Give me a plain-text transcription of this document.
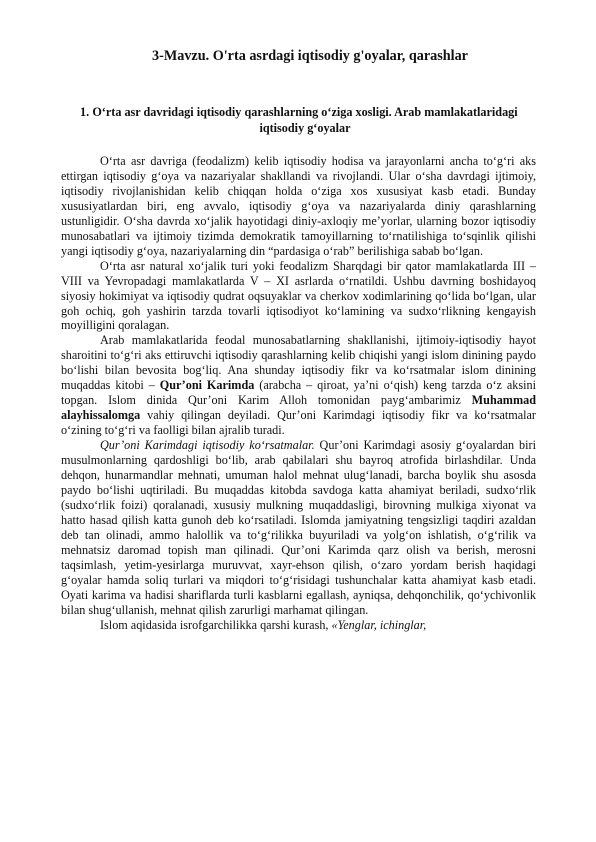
3-Mavzu. O'rta asrdagi iqtisodiy g'oyalar, qarashlar
1. O‘rta asr davridagi iqtisodiy qarashlarning o‘ziga xosligi. Arab mamlakatlaridagi iqtisodiy g‘oyalar

O‘rta asr davriga (feodalizm) kelib iqtisodiy hodisa va jarayonlarni ancha to‘g‘ri aks ettirgan iqtisodiy g‘oya va nazariyalar shakllandi va rivojlandi. Ular o‘sha davrdagi ijtimoiy, iqtisodiy rivojlanishidan kelib chiqqan holda o‘ziga xos xususiyat kasb etadi. Bunday xususiyatlardan biri, eng avvalo, iqtisodiy g‘oya va nazariyalarda diniy qarashlarning ustunligidir. O‘sha davrda xo‘jalik hayotidagi diniy-axloqiy me’yorlar, ularning bozor iqtisodiy munosabatlari va ijtimoiy tizimda demokratik tamoyillarning to‘rnatilishiga to‘sqinlik qilishi yangi iqtisodiy g‘oya, nazariyalarning din “pardasiga o‘rab” berilishiga sabab bo‘lgan.

O‘rta asr natural xo‘jalik turi yoki feodalizm Sharqdagi bir qator mamlakatlarda III – VIII va Yevropadagi mamlakatlarda V – XI asrlarda o‘rnatildi. Ushbu davrning boshidayoq siyosiy hokimiyat va iqtisodiy qudrat oqsuyaklar va cherkov xodimlarining qo‘lida bo‘lgan, ular goh ochiq, goh yashirin tarzda tovarli iqtisodiyot ko‘lamining va sudxo‘rlikning kengayish moyilligini qoralagan.

Arab mamlakatlarida feodal munosabatlarning shakllanishi, ijtimoiy-iqtisodiy hayot sharoitini to‘g‘ri aks ettiruvchi iqtisodiy qarashlarning kelib chiqishi yangi islom dinining paydo bo‘lishi bilan bevosita bog‘liq. Ana shunday iqtisodiy fikr va ko‘rsatmalar islom dinining muqaddas kitobi – Qur’oni Karimda (arabcha – qiroat, ya’ni o‘qish) keng tarzda o‘z aksini topgan. Islom dinida Qur’oni Karim Alloh tomonidan payg‘ambarimiz Muhammad alayhissalomga vahiy qilingan deyiladi. Qur’oni Karimdagi iqtisodiy fikr va ko‘rsatmalar o‘zining to‘g‘ri va faolligi bilan ajralib turadi.

Qur’oni Karimdagi iqtisodiy ko‘rsatmalar. Qur’oni Karimdagi asosiy g‘oyalardan biri musulmonlarning qardoshligi bo‘lib, arab qabilalari shu bayroq atrofida birlashdilar. Unda dehqon, hunarmandlar mehnati, umuman halol mehnat ulug‘lanadi, barcha boylik shu asosda paydo bo‘lishi uqtiriladi. Bu muqaddas kitobda savdoga katta ahamiyat beriladi, sudxo‘rlik (sudxo‘rlik foizi) qoralanadi, xususiy mulkning muqaddasligi, birovning mulkiga xiyonat va hatto hasad qilish katta gunoh deb ko‘rsatiladi. Islomda jamiyatning tengsizligi taqdiri azaldan deb tan olinadi, ammo halollik va to‘g‘rilikka buyuriladi va yolg‘on ishlatish, o‘g‘rilik va mehnatsiz daromad topish man qilinadi. Qur’oni Karimda qarz olish va berish, merosni taqsimlash, yetim-yesirlarga muruvvat, xayr-ehson qilish, o‘zaro yordam berish haqidagi g‘oyalar hamda soliq turlari va miqdori to‘g‘risidagi tushunchalar katta ahamiyat kasb etadi. Oyati karima va hadisi shariflarda turli kasblarni egallash, ayniqsa, dehqonchilik, qo‘ychivonlik bilan shug‘ullanish, mehnat qilish zarurligi marhamat qilingan.

Islom aqidasida isrofgarchilikka qarshi kurash, «Yenglar, ichinglar,
